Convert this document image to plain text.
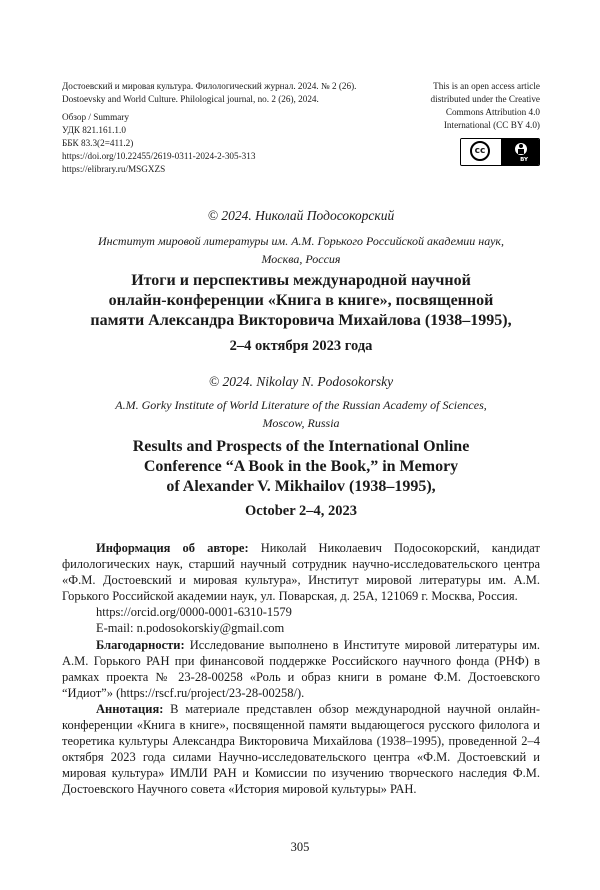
Достоевский и мировая культура. Филологический журнал. 2024. № 2 (26).
Dostoevsky and World Culture. Philological journal, no. 2 (26), 2024.
Обзор / Summary
УДК 821.161.1.0
ББК 83.3(2=411.2)
https://doi.org/10.22455/2619-0311-2024-2-305-313
https://elibrary.ru/MSGXZS
This is an open access article
distributed under the Creative
Commons Attribution 4.0
International (CC BY 4.0)
cc
BY
© 2024. Николай Подосокорский
Институт мировой литературы им. А.М. Горького Российской академии наук,
Москва, Россия
Итоги и перспективы международной научной
онлайн-конференции «Книга в книге», посвященной
памяти Александра Викторовича Михайлова (1938–1995),
2–4 октября 2023 года
© 2024. Nikolay N. Podosokorsky
A.M. Gorky Institute of World Literature of the Russian Academy of Sciences,
Moscow, Russia
Results and Prospects of the International Online
Conference “A Book in the Book,” in Memory
of Alexander V. Mikhailov (1938–1995),
October 2–4, 2023

Информация об авторе: Николай Николаевич Подосокорский, кандидат филологических наук, старший научный сотрудник научно-исследовательского центра «Ф.М. Достоевский и мировая культура», Институт мировой литературы им. А.М. Горького Российской академии наук, ул. Поварская, д. 25А, 121069 г. Москва, Россия.

https://orcid.org/0000-0001-6310-1579
E-mail: n.podosokorskiy@gmail.com

Благодарности: Исследование выполнено в Институте мировой литературы им. А.М. Горького РАН при финансовой поддержке Российского научного фонда (РНФ) в рамках проекта № 23-28-00258 «Роль и образ книги в романе Ф.М. Достоевского “Идиот”» (https://rscf.ru/project/23-28-00258/).

Аннотация: В материале представлен обзор международной научной онлайн-конференции «Книга в книге», посвященной памяти выдающегося русского филолога и теоретика культуры Александра Викторовича Михайлова (1938–1995), проведенной 2–4 октября 2023 года силами Научно-исследовательского центра «Ф.М. Достоевский и мировая культура» ИМЛИ РАН и Комиссии по изучению творческого наследия Ф.М. Достоевского Научного совета «История мировой культуры» РАН.

305
